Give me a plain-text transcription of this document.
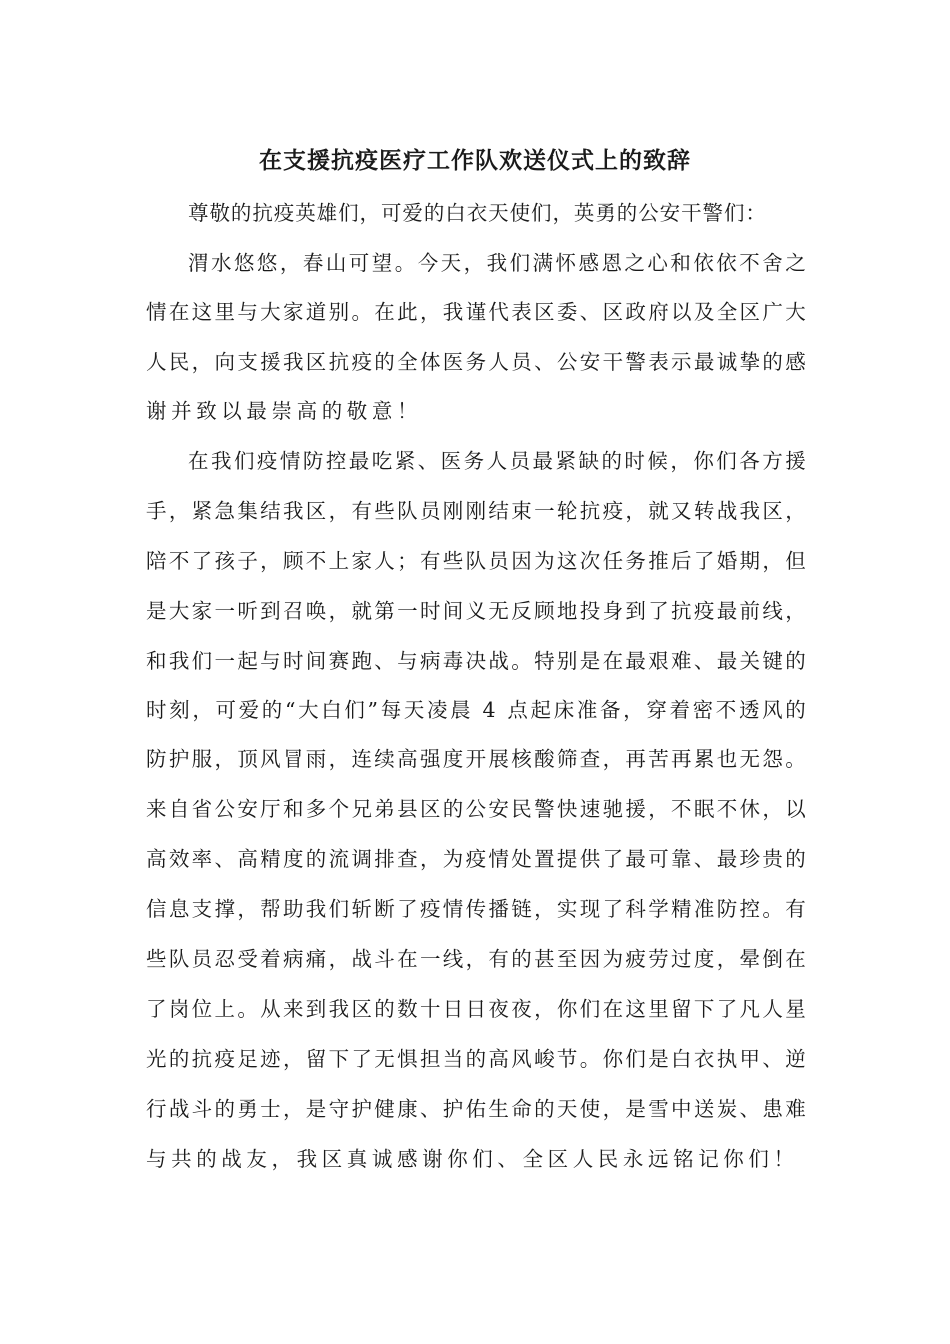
在支援抗疫医疗工作队欢送仪式上的致辞
尊 敬 的 抗 疫 英 雄 们 ， 可 爱 的 白 衣 天 使 们 ， 英 勇 的 公 安 干 警 们 ：
渭 水 悠 悠 ， 春 山 可 望 。 今 天 ， 我 们 满 怀 感 恩 之 心 和 依 依 不 舍 之
情 在 这 里 与 大 家 道 别 。 在 此 ， 我 谨 代 表 区 委 、 区 政 府 以 及 全 区 广 大
人 民 ， 向 支 援 我 区 抗 疫 的 全 体 医 务 人 员 、 公 安 干 警 表 示 最 诚 挚 的 感
谢并致以最崇高的敬意！
在 我 们 疫 情 防 控 最 吃 紧 、 医 务 人 员 最 紧 缺 的 时 候 ， 你 们 各 方 援
手 ， 紧 急 集 结 我 区 ， 有 些 队 员 刚 刚 结 束 一 轮 抗 疫 ， 就 又 转 战 我 区 ，
陪 不 了 孩 子 ， 顾 不 上 家 人 ； 有 些 队 员 因 为 这 次 任 务 推 后 了 婚 期 ， 但
是 大 家 一 听 到 召 唤 ， 就 第 一 时 间 义 无 反 顾 地 投 身 到 了 抗 疫 最 前 线 ，
和 我 们 一 起 与 时 间 赛 跑 、 与 病 毒 决 战 。 特 别 是 在 最 艰 难 、 最 关 键 的
时 刻 ， 可 爱 的 “ 大 白 们 ” 每 天 凌 晨
4
点 起 床 准 备 ， 穿 着 密 不 透 风 的
防 护 服 ， 顶 风 冒 雨 ， 连 续 高 强 度 开 展 核 酸 筛 查 ， 再 苦 再 累 也 无 怨 。
来 自 省 公 安 厅 和 多 个 兄 弟 县 区 的 公 安 民 警 快 速 驰 援 ， 不 眠 不 休 ， 以
高 效 率 、 高 精 度 的 流 调 排 查 ， 为 疫 情 处 置 提 供 了 最 可 靠 、 最 珍 贵 的
信 息 支 撑 ， 帮 助 我 们 斩 断 了 疫 情 传 播 链 ， 实 现 了 科 学 精 准 防 控 。 有
些 队 员 忍 受 着 病 痛 ， 战 斗 在 一 线 ， 有 的 甚 至 因 为 疲 劳 过 度 ， 晕 倒 在
了 岗 位 上 。 从 来 到 我 区 的 数 十 日 日 夜 夜 ， 你 们 在 这 里 留 下 了 凡 人 星
光 的 抗 疫 足 迹 ， 留 下 了 无 惧 担 当 的 高 风 峻 节 。 你 们 是 白 衣 执 甲 、 逆
行 战 斗 的 勇 士 ， 是 守 护 健 康 、 护 佑 生 命 的 天 使 ， 是 雪 中 送 炭 、 患 难
与共的战友，我区真诚感谢你们、全区人民永远铭记你们！
